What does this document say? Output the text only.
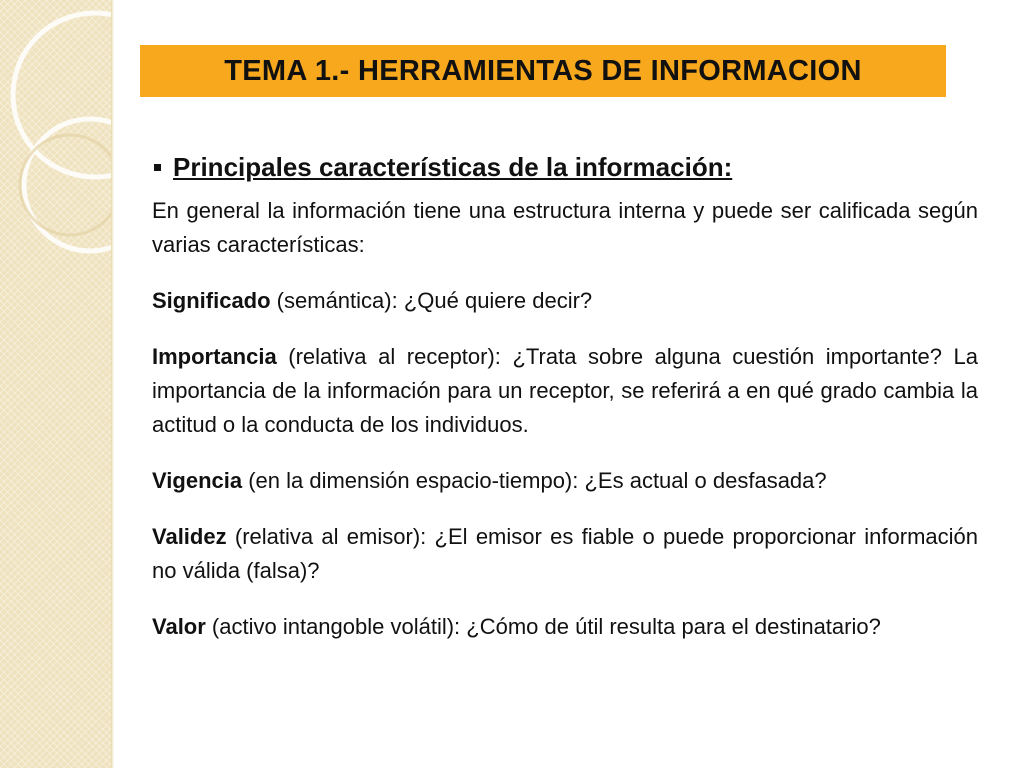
TEMA 1.- HERRAMIENTAS DE INFORMACION
Principales características de la información:

En general la información tiene una estructura interna y puede ser calificada según varias características:

Significado (semántica): ¿Qué quiere decir?

Importancia (relativa al receptor): ¿Trata sobre alguna cuestión importante? La importancia de la información para un receptor, se referirá a en qué grado cambia la actitud o la conducta de los individuos.

Vigencia (en la dimensión espacio-tiempo): ¿Es actual o desfasada?

Validez (relativa al emisor): ¿El emisor es fiable o puede proporcionar información no válida (falsa)?

Valor (activo intangoble volátil): ¿Cómo de útil resulta para el destinatario?
